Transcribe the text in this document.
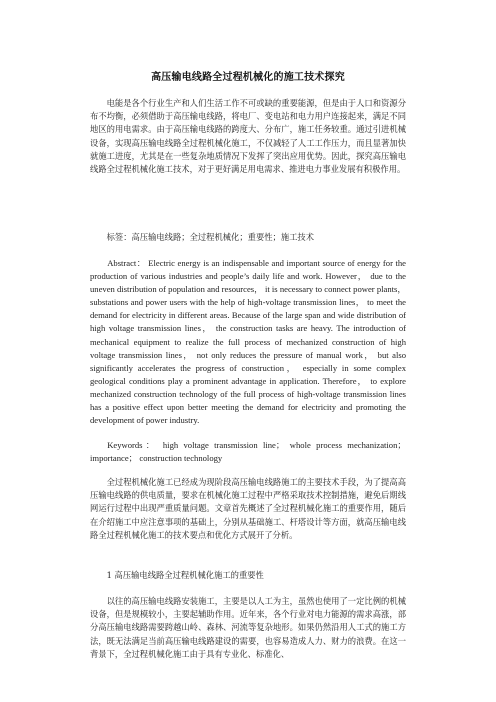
高压输电线路全过程机械化的施工技术探究

电能是各个行业生产和人们生活工作不可或缺的重要能源，但是由于人口和资源分布不均衡，必须借助于高压输电线路，将电厂、变电站和电力用户连接起来，满足不同地区的用电需求。由于高压输电线路的跨度大、分布广，施工任务较重。通过引进机械设备，实现高压输电线路全过程机械化施工，不仅减轻了人工工作压力，而且显著加快就施工进度，尤其是在一些复杂地质情况下发挥了突出应用优势。因此，探究高压输电线路全过程机械化施工技术，对于更好满足用电需求、推进电力事业发展有积极作用。

标签：高压输电线路；全过程机械化；重要性；施工技术

Abstract： Electric energy is an indispensable and important source of energy for the production of various industries and people’s daily life and work. However， due to the uneven distribution of population and resources， it is necessary to connect power plants， substations and power users with the help of high-voltage transmission lines， to meet the demand for electricity in different areas. Because of the large span and wide distribution of high voltage transmission lines， the construction tasks are heavy. The introduction of mechanical equipment to realize the full process of mechanized construction of high voltage transmission lines， not only reduces the pressure of manual work， but also significantly accelerates the progress of construction， especially in some complex geological conditions play a prominent advantage in application. Therefore， to explore mechanized construction technology of the full process of high-voltage transmission lines has a positive effect upon better meeting the demand for electricity and promoting the development of power industry.

Keywords： high voltage transmission line； whole process mechanization； importance； construction technology

全过程机械化施工已经成为现阶段高压输电线路施工的主要技术手段，为了提高高压输电线路的供电质量，要求在机械化施工过程中严格采取技术控制措施，避免后期线网运行过程中出现严重质量问题。文章首先概述了全过程机械化施工的重要作用，随后在介绍施工中应注意事项的基础上，分别从基础施工、杆塔设计等方面，就高压输电线路全过程机械化施工的技术要点和优化方式展开了分析。

1 高压输电线路全过程机械化施工的重要性

以往的高压输电线路安装施工，主要是以人工为主，虽然也使用了一定比例的机械设备，但是规模较小，主要起辅助作用。近年来，各个行业对电力能源的需求高涨，部分高压输电线路需要跨越山岭、森林、河流等复杂地形。如果仍然沿用人工式的施工方法，既无法满足当前高压输电线路建设的需要，也容易造成人力、财力的浪费。在这一背景下，全过程机械化施工由于具有专业化、标准化、
